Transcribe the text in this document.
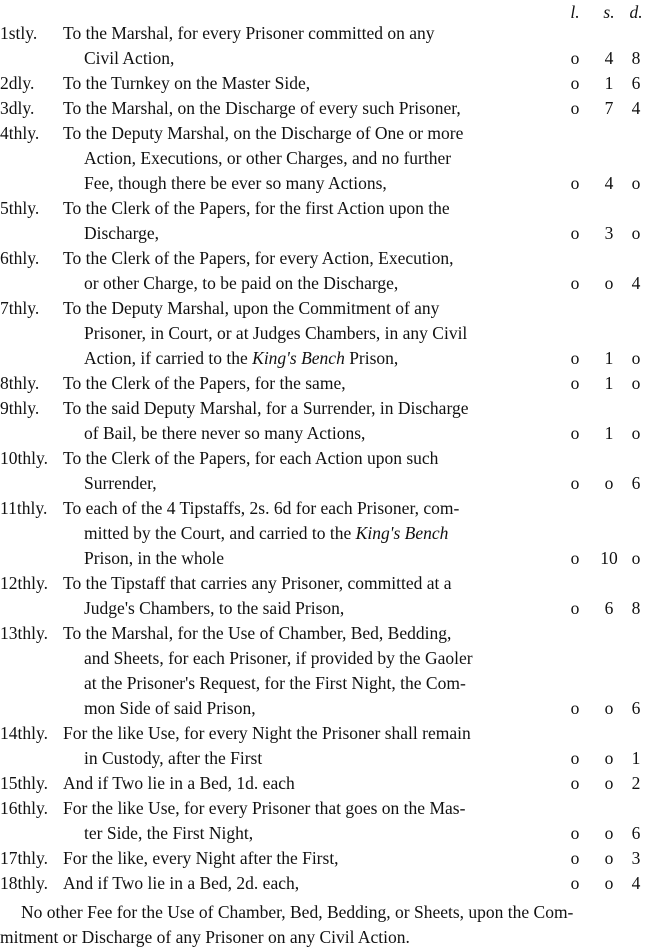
l.	s. d.
1stly. To the Marshal, for every Prisoner committed on any
Civil Action,	o	4	8
2dly. To the Turnkey on the Master Side,	o	1	6
3dly. To the Marshal, on the Discharge of every such Prisoner,	o	7	4
4thly. To the Deputy Marshal, on the Discharge of One or more
Action, Executions, or other Charges, and no further
Fee, though there be ever so many Actions,	o	4	o
5thly. To the Clerk of the Papers, for the first Action upon the
Discharge,	o	3	o
6thly. To the Clerk of the Papers, for every Action, Execution,
or other Charge, to be paid on the Discharge,	o	o	4
7thly. To the Deputy Marshal, upon the Commitment of any
Prisoner, in Court, or at Judges Chambers, in any Civil
Action, if carried to the King's Bench Prison,	o	1	o
8thly. To the Clerk of the Papers, for the same,	o	1	o
9thly. To the said Deputy Marshal, for a Surrender, in Discharge
of Bail, be there never so many Actions,	o	1	o
10thly. To the Clerk of the Papers, for each Action upon such
Surrender,	o	o	6
11thly. To each of the 4 Tipstaffs, 2s. 6d for each Prisoner, com-
mitted by the Court, and carried to the King's Bench
Prison, in the whole	o	10 o
12thly. To the Tipstaff that carries any Prisoner, committed at a
Judge's Chambers, to the said Prison,	o	6	8
13thly. To the Marshal, for the Use of Chamber, Bed, Bedding,
and Sheets, for each Prisoner, if provided by the Gaoler
at the Prisoner's Request, for the First Night, the Com-
mon Side of said Prison,	o	o	6
14thly. For the like Use, for every Night the Prisoner shall remain
in Custody, after the First	o	o	1
15thly. And if Two lie in a Bed, 1d. each	o	o	2
16thly. For the like Use, for every Prisoner that goes on the Mas-
ter Side, the First Night,	o	o	6
17thly. For the like, every Night after the First,	o	o	3
18thly. And if Two lie in a Bed, 2d. each,	o	o	4
No other Fee for the Use of Chamber, Bed, Bedding, or Sheets, upon the Com-
mitment or Discharge of any Prisoner on any Civil Action.
